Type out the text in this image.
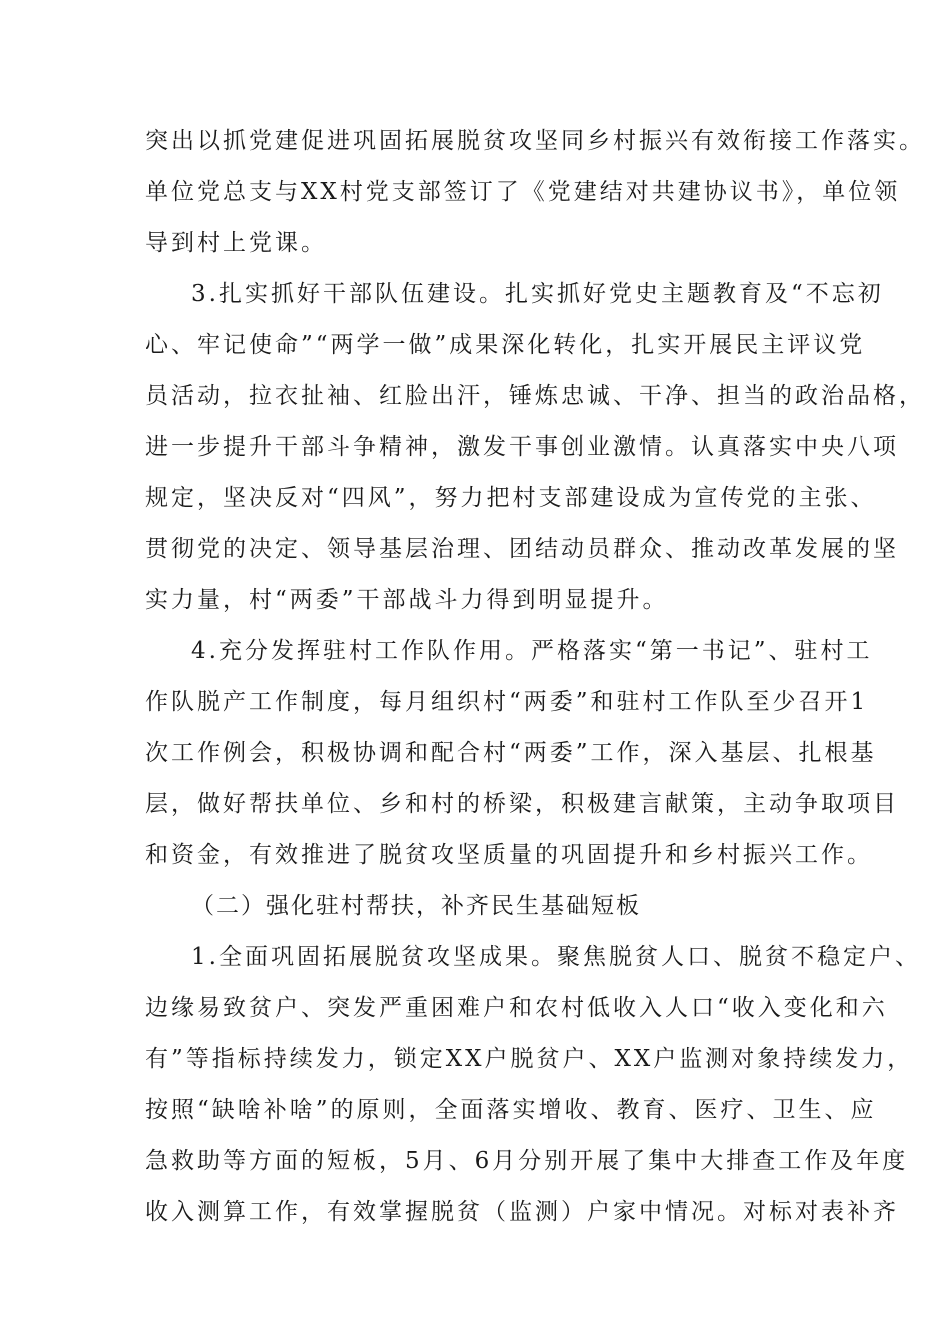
突出以抓党建促进巩固拓展脱贫攻坚同乡村振兴有效衔接工作落实。
单位党总支与XX村党支部签订了《党建结对共建协议书》，单位领
导到村上党课。
3.扎实抓好干部队伍建设。扎实抓好党史主题教育及“不忘初
心、牢记使命”“两学一做”成果深化转化，扎实开展民主评议党
员活动，拉衣扯袖、红脸出汗，锤炼忠诚、干净、担当的政治品格，
进一步提升干部斗争精神，激发干事创业激情。认真落实中央八项
规定，坚决反对“四风”，努力把村支部建设成为宣传党的主张、
贯彻党的决定、领导基层治理、团结动员群众、推动改革发展的坚
实力量，村“两委”干部战斗力得到明显提升。
4.充分发挥驻村工作队作用。严格落实“第一书记”、驻村工
作队脱产工作制度，每月组织村“两委”和驻村工作队至少召开1
次工作例会，积极协调和配合村“两委”工作，深入基层、扎根基
层，做好帮扶单位、乡和村的桥梁，积极建言献策，主动争取项目
和资金，有效推进了脱贫攻坚质量的巩固提升和乡村振兴工作。
（二）强化驻村帮扶，补齐民生基础短板
1.全面巩固拓展脱贫攻坚成果。聚焦脱贫人口、脱贫不稳定户、
边缘易致贫户、突发严重困难户和农村低收入人口“收入变化和六
有”等指标持续发力，锁定XX户脱贫户、XX户监测对象持续发力，
按照“缺啥补啥”的原则，全面落实增收、教育、医疗、卫生、应
急救助等方面的短板，5月、6月分别开展了集中大排查工作及年度
收入测算工作，有效掌握脱贫（监测）户家中情况。对标对表补齐
